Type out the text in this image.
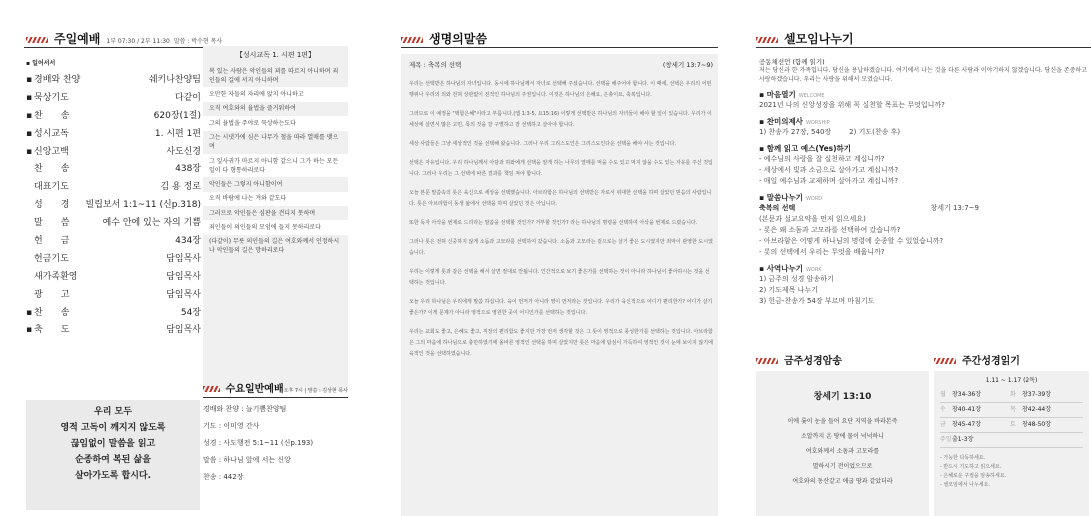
주일예배 1부 07:30 / 2부 11:30 말씀 : 박수현 목사
▪ 일어서서
▪ 경배와 찬양	쉐키나찬양팀
▪ 묵상기도	다같이
▪ 찬　　송	620장(1절)
▪ 성시교독	1. 시편 1편
▪ 신앙고백	사도신경
찬　　송	438장
대표기도	김 용 정로
성　　경 빌립보서 1:1~11 (신p.318)
말　　씀	예수 안에 있는 자의 기쁨
헌　　금	434장
헌금기도	담임목사
새가족환영	담임목사
광　　고	담임목사
▪ 찬　　송	54장
▪ 축　　도	담임목사
【성시교독 1. 시편 1편】
복 있는 사람은 악인들의 꾀를 따르지 아니하며 죄인들의 길에 서지 아니하며
오만한 자들의 자리에 앉지 아니하고
오직 여호와의 율법을 즐거워하여
그의 율법을 주야로 묵상하는도다
그는 시냇가에 심은 나무가 철을 따라 열매를 맺으며
그 잎사귀가 마르지 아니함 같으니 그가 하는 모든 일이 다 형통하리로다
악인들은 그렇지 아니함이여
오직 바람에 나는 겨와 같도다
그러므로 악인들은 심판을 견디지 못하며
죄인들이 의인들의 모임에 들지 못하리로다
(다같이) 무릇 의인들의 길은 여호와께서 인정하시나 악인들의 길은 망하리로다
우리 모두
영적 고독이 깨지지 않도록
끊임없이 말씀을 읽고
순종하여 복된 삶을
살아가도록 합시다.
수요일반예배 오후 7시 | 말씀 : 김상현 목사
경배와 찬양 : 늘기쁨찬양팀
기도 : 이미영 간사
성경 : 사도행전 5:1~11 (신p.193)
말씀 : 하나님 앞에 서는 신앙
찬송 : 442장
생명의말씀
제목 : 축복의 선택	(창세기 13:7~9)
우리는 선택받은 하나님의 자녀입니다. 동시에 하나님께서 자녀로 선택해 주셨습니다. 선택을 해주어야 합니다. 이 때에, 선택은 우리의 어떤 행위나 우리의 의와 전혀 상관없이 전적인 하나님의 주권입니다. 이것은 하나님의 은혜요, 은총이요, 축복입니다.
그러므로 이 예정을 "택함은혜"이라고 부릅니다.(엡 1:3-5, 요15:16) 이렇게 선택받은 하나님의 자녀들이 해야 할 일이 있습니다. 우리가 이 세상에 살면서 많은 고민, 목의 것을 잘 구별하고 잘 선택하고 살아야 합니다.
세상 사람들은 그냥 세상적인 것을 선택해 왔습니다. 그러나 우리 그리스도인은 그리스도인다운 선택을 해야 사는 것입니다.
선택은 자유입니다. 우리 하나님께서 아담과 하와에게 선택을 알게 하는 나무의 열매를 먹을 수도 있고 먹지 않을 수도 있는 자유를 주신 것입니다. 그러나 우리는 그 선택에 따른 결과를 책임 져야 합니다.
오늘 본문 말씀속의 롯은 육신으로 세상을 선택했습니다. 아브라함은 하나님의 선택받은 자로서 위대한 선택을 하며 살았던 믿음의 사람입니다. 롯은 아브라함이 동생 삶에서 선택을 하며 살았던 것은 아닙니다.
또한 독자 아삭을 번제로 드리라는 말씀을 선택할 것인가? 거부할 것인가? 라는 하나님의 명령을 선택하여 아삭을 번제로 드렸습니다.
그러나 롯은 전혀 신중하지 않게 소돔과 고모라를 선택하여 갔습니다. 소돔과 고모라는 겉으로는 살기 좋은 도시였지만 죄악이 관영한 도시였습니다.
우리는 이렇게 롯과 같은 선택을 해서 살면 절대로 안됩니다. 인간적으로 보기 좋은가를 선택하는 것이 아니라 하나님이 좋아하시는 것을 선택하는 것입니다.
오늘 우리 하나님은 우리에게 말씀 하십니다. 육이 먼저가 아니라 영이 먼저라는 것입니다. 우리가 육신적으로 어디가 편리한가? 어디가 살기 좋은가? 이게 문제가 아니라 영적으로 영원한 곳이 어디인가를 선택하는 것입니다.
우리는 교회도 좋고, 은혜도 좋고, 직장의 편리함도 좋지만 가장 먼저 생각할 것은 그 뜻이 영적으로 풍성한가를 선택하는 것입니다. 아브라함은 그의 마음에 하나님으로 충만하였기에 올바른 영적인 선택을 하며 살았지만 롯은 마음에 탐심이 가득하여 영적인 것이 눈에 보이지 않기에 육적인 것을 선택하였습니다.
셀모임나누기
공동체선언 (함께 읽기)
저는 당신과 한 가족입니다. 당신을 용납하겠습니다. 여기에서 나는 것을 다른 사람과 이야기하지 않겠습니다. 당신을 존중하고 사랑하겠습니다. 우리는 사랑을 위해서 모였습니다.
▪ 마음열기 WELCOME
2021년 나의 신앙성장을 위해 꼭 실천할 목표는 무엇입니까?
▪ 찬미의제사 WORSHIP
1) 찬송가 27장, 540장	2) 기도(찬송 후)
▪ 함께 읽고 예스(Yes)하기
- 예수님의 사랑을 잘 실천하고 계십니까?
- 세상에서 빛과 소금으로 살아가고 계십니까?
- 매일 예수님과 교제하며 살아가고 계십니까?
▪ 말씀나누기 WORD
축복의 선택	창세기 13:7~9
(본문과 설교요약을 먼저 읽으세요)
- 롯은 왜 소돔과 고모라를 선택하여 갔습니까?
- 아브라함은 어떻게 하나님의 명령에 순종할 수 있었습니까?
- 롯의 선택에서 우리는 무엇을 배웁니까?
▪ 사역나누기 WORK
1) 금주의 성경 암송하기
2) 기도제목 나누기
3) 헌금-찬송가 54장 부르며 마침기도
금주성경암송
창세기 13:10
이에 롯이 눈을 들어 요단 지역을 바라본즉
소알까지 온 땅에 물이 넉넉하니
여호와께서 소돔과 고모라를
멸하시기 전이었으므로
여호와의 동산같고 애굽 땅과 같았더라
주간성경읽기
1.11 ~ 1.17 (2독)
월	창34-36장	화	창37-39장
수	창40-41장	목	창42-44장
금	창45-47장	토	창48-50장
주일 출1-3장
- 가능한 다독하세요.
- 반드시 기도하고 읽으세요.
- 은혜로운 구절을 암송하세요.
- 셀모임에서 나누세요.
